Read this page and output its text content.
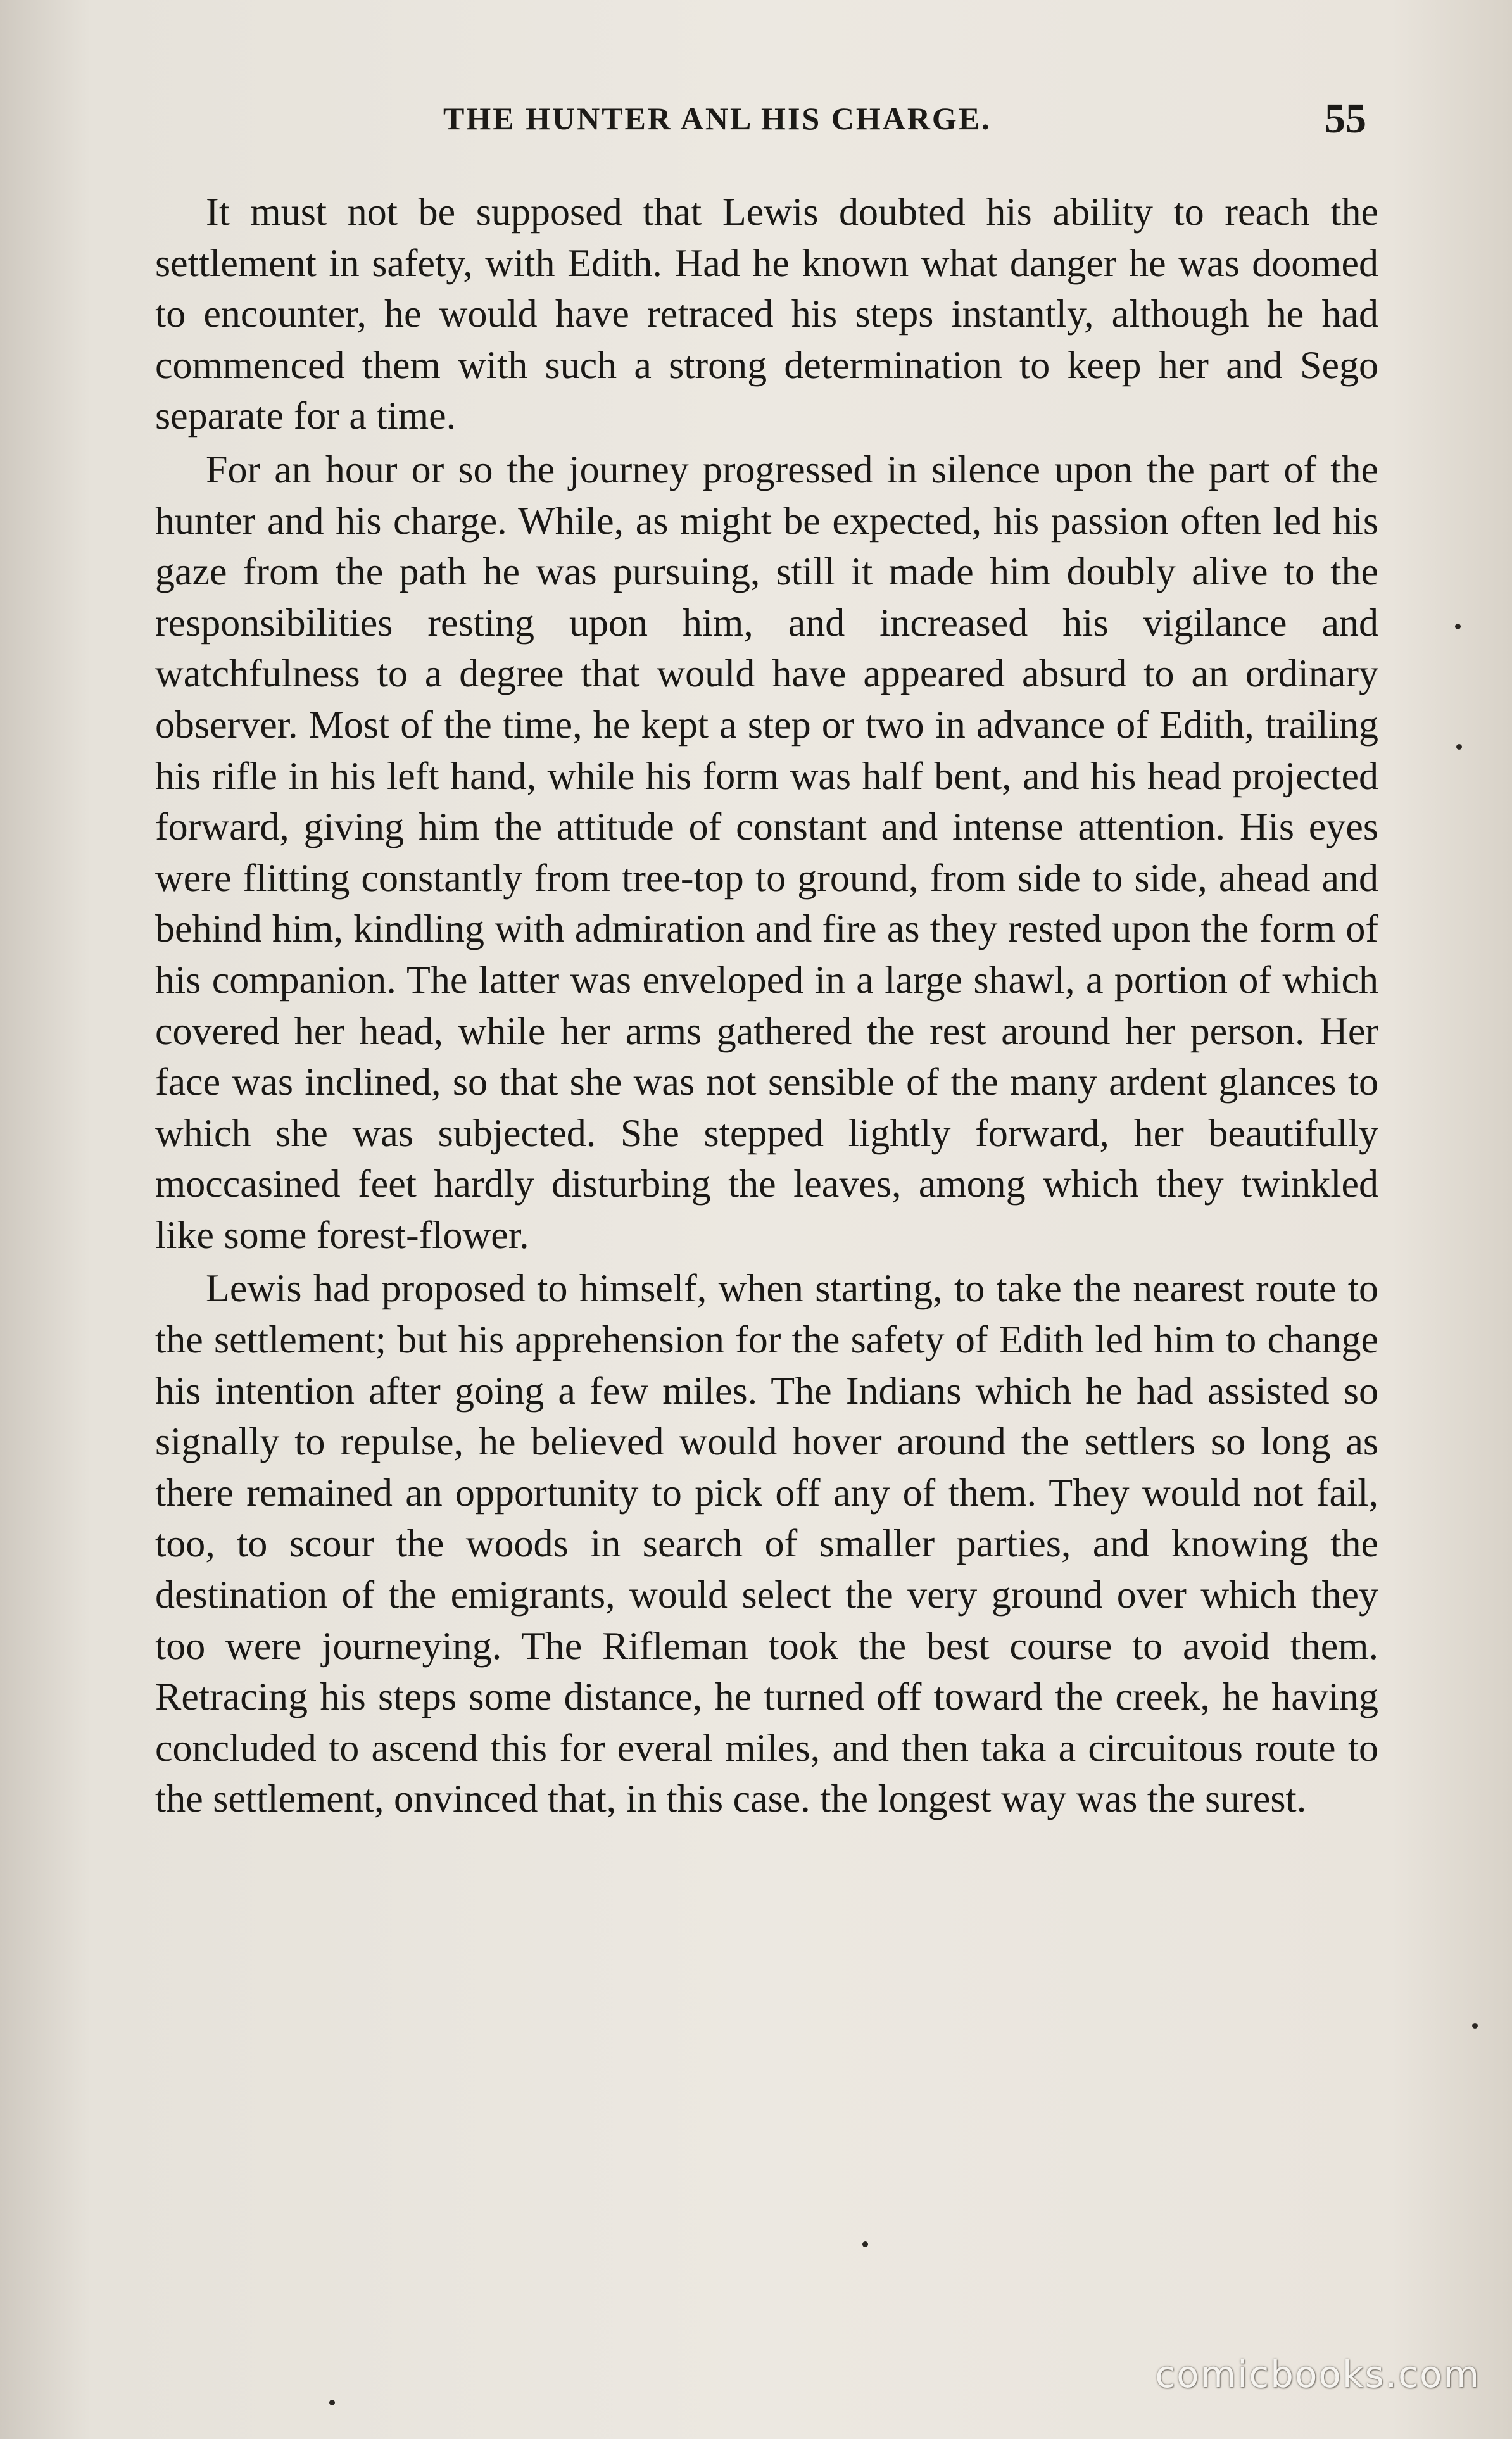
THE HUNTER ANL HIS CHARGE.	55

It must not be supposed that Lewis doubted his ability to reach the settlement in safety, with Edith. Had he known what danger he was doomed to encounter, he would have retraced his steps instantly, although he had commenced them with such a strong determination to keep her and Sego separate for a time.

For an hour or so the journey progressed in silence upon the part of the hunter and his charge. While, as might be expected, his passion often led his gaze from the path he was pursuing, still it made him doubly alive to the responsibilities resting upon him, and increased his vigilance and watchfulness to a degree that would have appeared absurd to an ordinary observer. Most of the time, he kept a step or two in advance of Edith, trailing his rifle in his left hand, while his form was half bent, and his head projected forward, giving him the attitude of constant and intense attention. His eyes were flitting constantly from tree-top to ground, from side to side, ahead and behind him, kindling with admiration and fire as they rested upon the form of his companion. The latter was enveloped in a large shawl, a portion of which covered her head, while her arms gathered the rest around her person. Her face was inclined, so that she was not sensible of the many ardent glances to which she was subjected. She stepped lightly forward, her beautifully moccasined feet hardly disturbing the leaves, among which they twinkled like some forest-flower.

Lewis had proposed to himself, when starting, to take the nearest route to the settlement; but his apprehension for the safety of Edith led him to change his intention after going a few miles. The Indians which he had assisted so signally to repulse, he believed would hover around the settlers so long as there remained an opportunity to pick off any of them. They would not fail, too, to scour the woods in search of smaller parties, and knowing the destination of the emigrants, would select the very ground over which they too were journeying. The Rifleman took the best course to avoid them. Retracing his steps some distance, he turned off toward the creek, he having concluded to ascend this for everal miles, and then taka a circuitous route to the settlement, onvinced that, in this case. the longest way was the surest.

comicbooks.com
